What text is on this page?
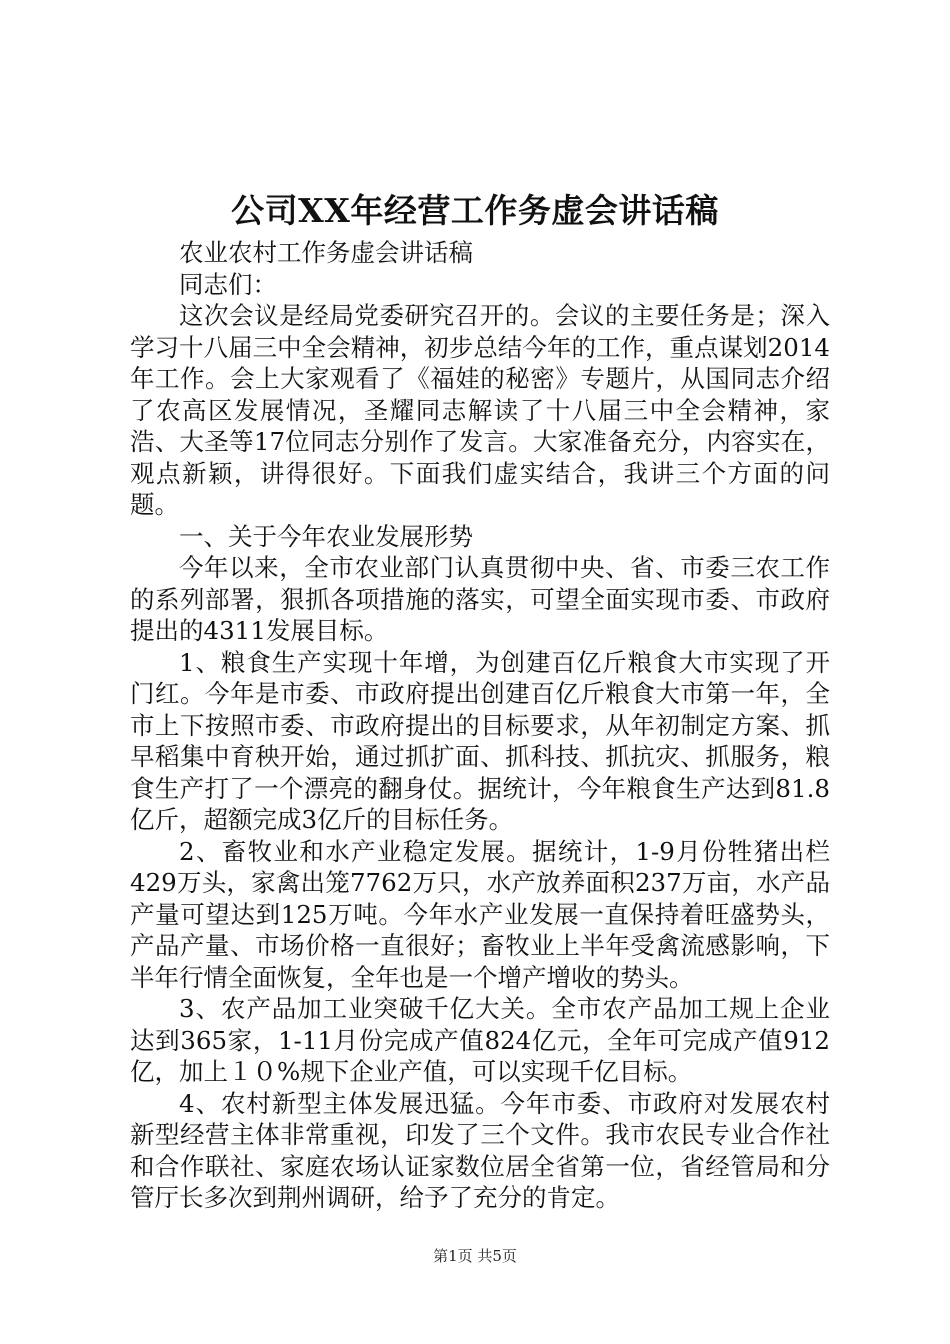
公司XX年经营工作务虚会讲话稿

农业农村工作务虚会讲话稿

同志们：

这次会议是经局党委研究召开的。会议的主要任务是；深入学习十八届三中全会精神，初步总结今年的工作，重点谋划2014年工作。会上大家观看了《福娃的秘密》专题片，从国同志介绍了农高区发展情况，圣耀同志解读了十八届三中全会精神，家浩、大圣等17位同志分别作了发言。大家准备充分，内容实在，观点新颖，讲得很好。下面我们虚实结合，我讲三个方面的问题。

一、关于今年农业发展形势

今年以来，全市农业部门认真贯彻中央、省、市委三农工作的系列部署，狠抓各项措施的落实，可望全面实现市委、市政府提出的4311发展目标。

1、粮食生产实现十年增，为创建百亿斤粮食大市实现了开门红。今年是市委、市政府提出创建百亿斤粮食大市第一年，全市上下按照市委、市政府提出的目标要求，从年初制定方案、抓早稻集中育秧开始，通过抓扩面、抓科技、抓抗灾、抓服务，粮食生产打了一个漂亮的翻身仗。据统计，今年粮食生产达到81.8亿斤，超额完成3亿斤的目标任务。

2、畜牧业和水产业稳定发展。据统计，1-9月份牲猪出栏429万头，家禽出笼7762万只，水产放养面积237万亩，水产品产量可望达到125万吨。今年水产业发展一直保持着旺盛势头，产品产量、市场价格一直很好；畜牧业上半年受禽流感影响，下半年行情全面恢复，全年也是一个增产增收的势头。

3、农产品加工业突破千亿大关。全市农产品加工规上企业达到365家，1-11月份完成产值824亿元，全年可完成产值912亿，加上１０%规下企业产值，可以实现千亿目标。

4、农村新型主体发展迅猛。今年市委、市政府对发展农村新型经营主体非常重视，印发了三个文件。我市农民专业合作社和合作联社、家庭农场认证家数位居全省第一位，省经管局和分管厅长多次到荆州调研，给予了充分的肯定。

第1页 共5页
